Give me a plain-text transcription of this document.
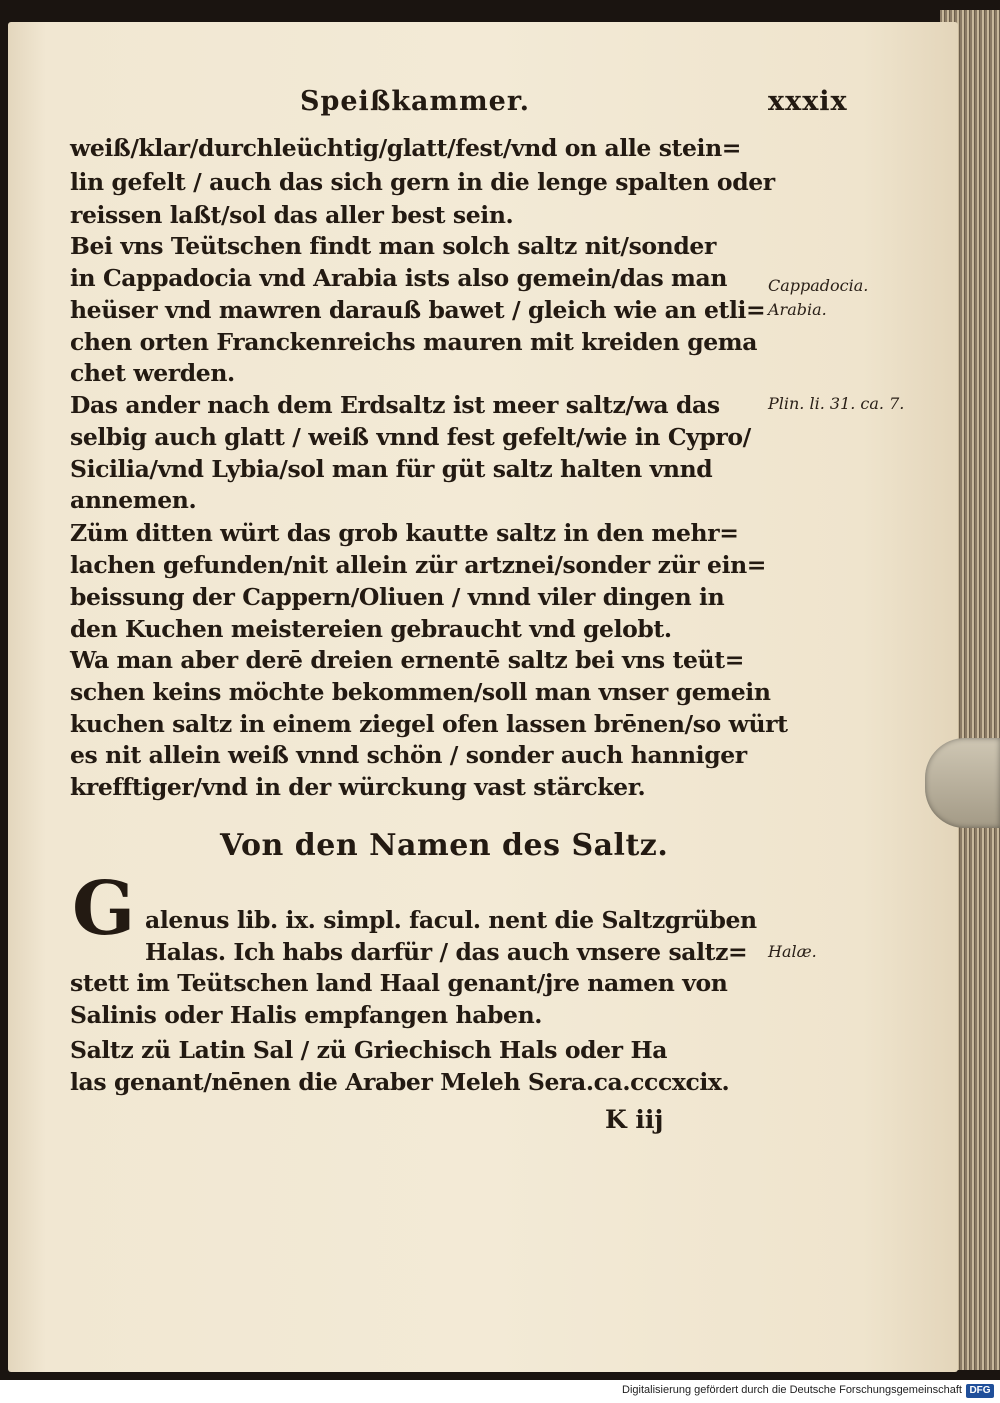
Speißkammer.	xxxix
weiß/klar/durchleüchtig/glatt/fest/vnd on alle stein=
lin gefelt / auch das sich gern in die lenge spalten oder
reissen laßt/sol das aller best sein.
Bei vns Teütschen findt man solch saltz nit/sonder
in Cappadocia vnd Arabia ists also gemein/das man
heüser vnd mawren darauß bawet / gleich wie an etli=
chen orten Franckenreichs mauren mit kreiden gema
chet werden.
Das ander nach dem Erdsaltz ist meer saltz/wa das
selbig auch glatt / weiß vnnd fest gefelt/wie in Cypro/
Sicilia/vnd Lybia/sol man für güt saltz halten vnnd
annemen.
Züm ditten würt das grob kautte saltz in den mehr=
lachen gefunden/nit allein zür artznei/sonder zür ein=
beissung der Cappern/Oliuen / vnnd viler dingen in
den Kuchen meistereien gebraucht vnd gelobt.
Wa man aber derē dreien ernentē saltz bei vns teüt=
schen keins möchte bekommen/soll man vnser gemein
kuchen saltz in einem ziegel ofen lassen brēnen/so würt
es nit allein weiß vnnd schön / sonder auch hanniger
krefftiger/vnd in der würckung vast stärcker.
Von den Namen des Saltz.
G alenus lib. ix. simpl. facul. nent die Saltzgrüben
Halas. Ich habs darfür / das auch vnsere saltz=
stett im Teütschen land Haal genant/jre namen von
Salinis oder Halis empfangen haben.
Saltz zü Latin Sal / zü Griechisch Hals oder Ha
las genant/nēnen die Araber Meleh Sera.ca.cccxcix.
K iij
Cappadocia.
Arabia.
Plin. li. 31. ca. 7.
Halæ.
Digitalisierung gefördert durch die Deutsche Forschungsgemeinschaft DFG
